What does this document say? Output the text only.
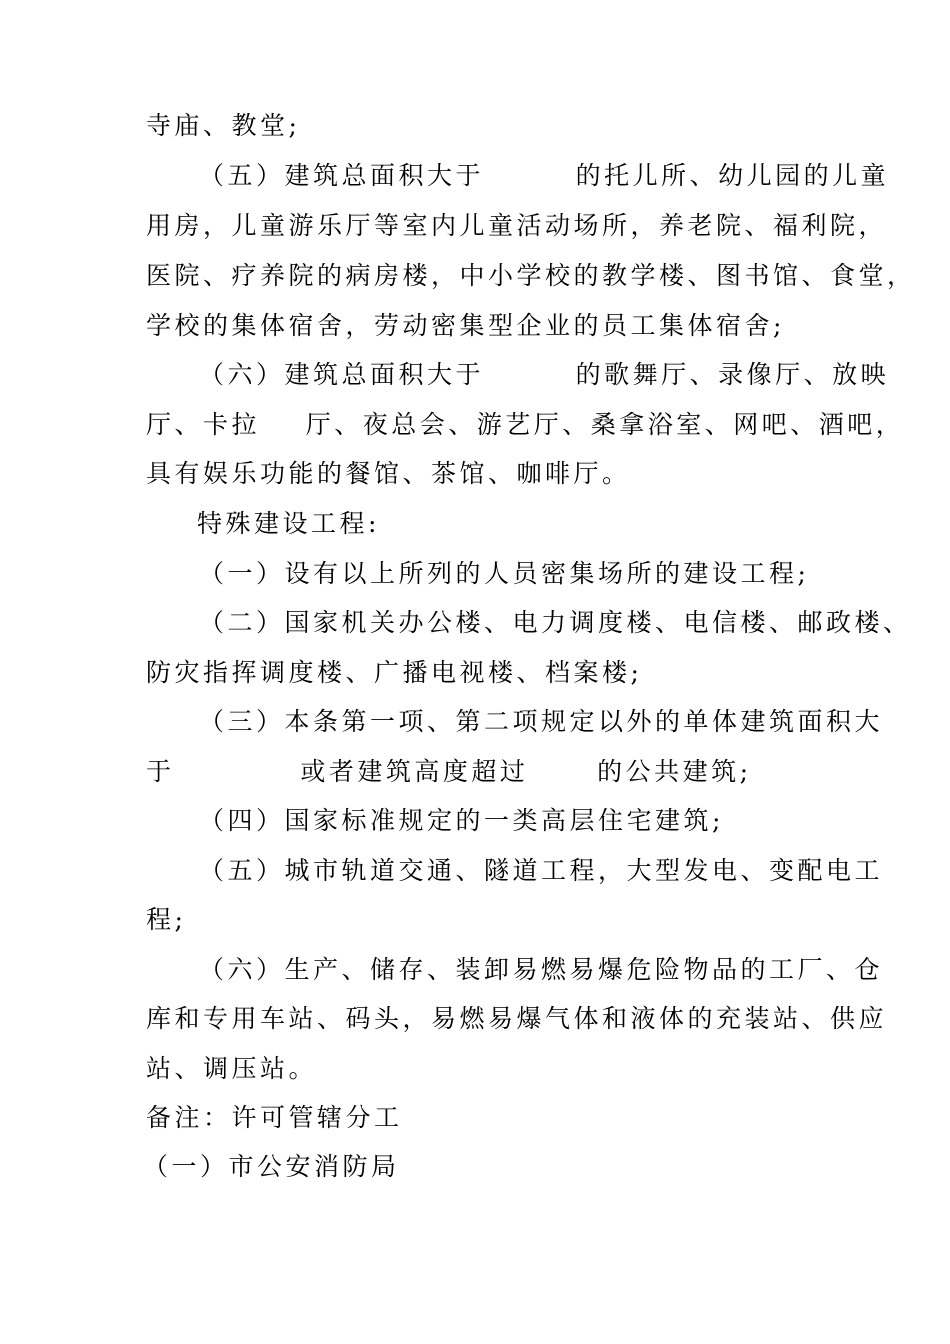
寺庙、教堂;
（五）建筑总面积大于        的托儿所、幼儿园的儿童
用房，儿童游乐厅等室内儿童活动场所，养老院、福利院，
医院、疗养院的病房楼，中小学校的教学楼、图书馆、食堂，
学校的集体宿舍，劳动密集型企业的员工集体宿舍;
（六）建筑总面积大于        的歌舞厅、录像厅、放映
厅、卡拉    厅、夜总会、游艺厅、桑拿浴室、网吧、酒吧，
具有娱乐功能的餐馆、茶馆、咖啡厅。
特殊建设工程:
（一）设有以上所列的人员密集场所的建设工程;
（二）国家机关办公楼、电力调度楼、电信楼、邮政楼、
防灾指挥调度楼、广播电视楼、档案楼;
（三）本条第一项、第二项规定以外的单体建筑面积大
于           或者建筑高度超过      的公共建筑;
（四）国家标准规定的一类高层住宅建筑;
（五）城市轨道交通、隧道工程，大型发电、变配电工
程;
（六）生产、储存、装卸易燃易爆危险物品的工厂、仓
库和专用车站、码头，易燃易爆气体和液体的充装站、供应
站、调压站。
备注：许可管辖分工
（一）市公安消防局
